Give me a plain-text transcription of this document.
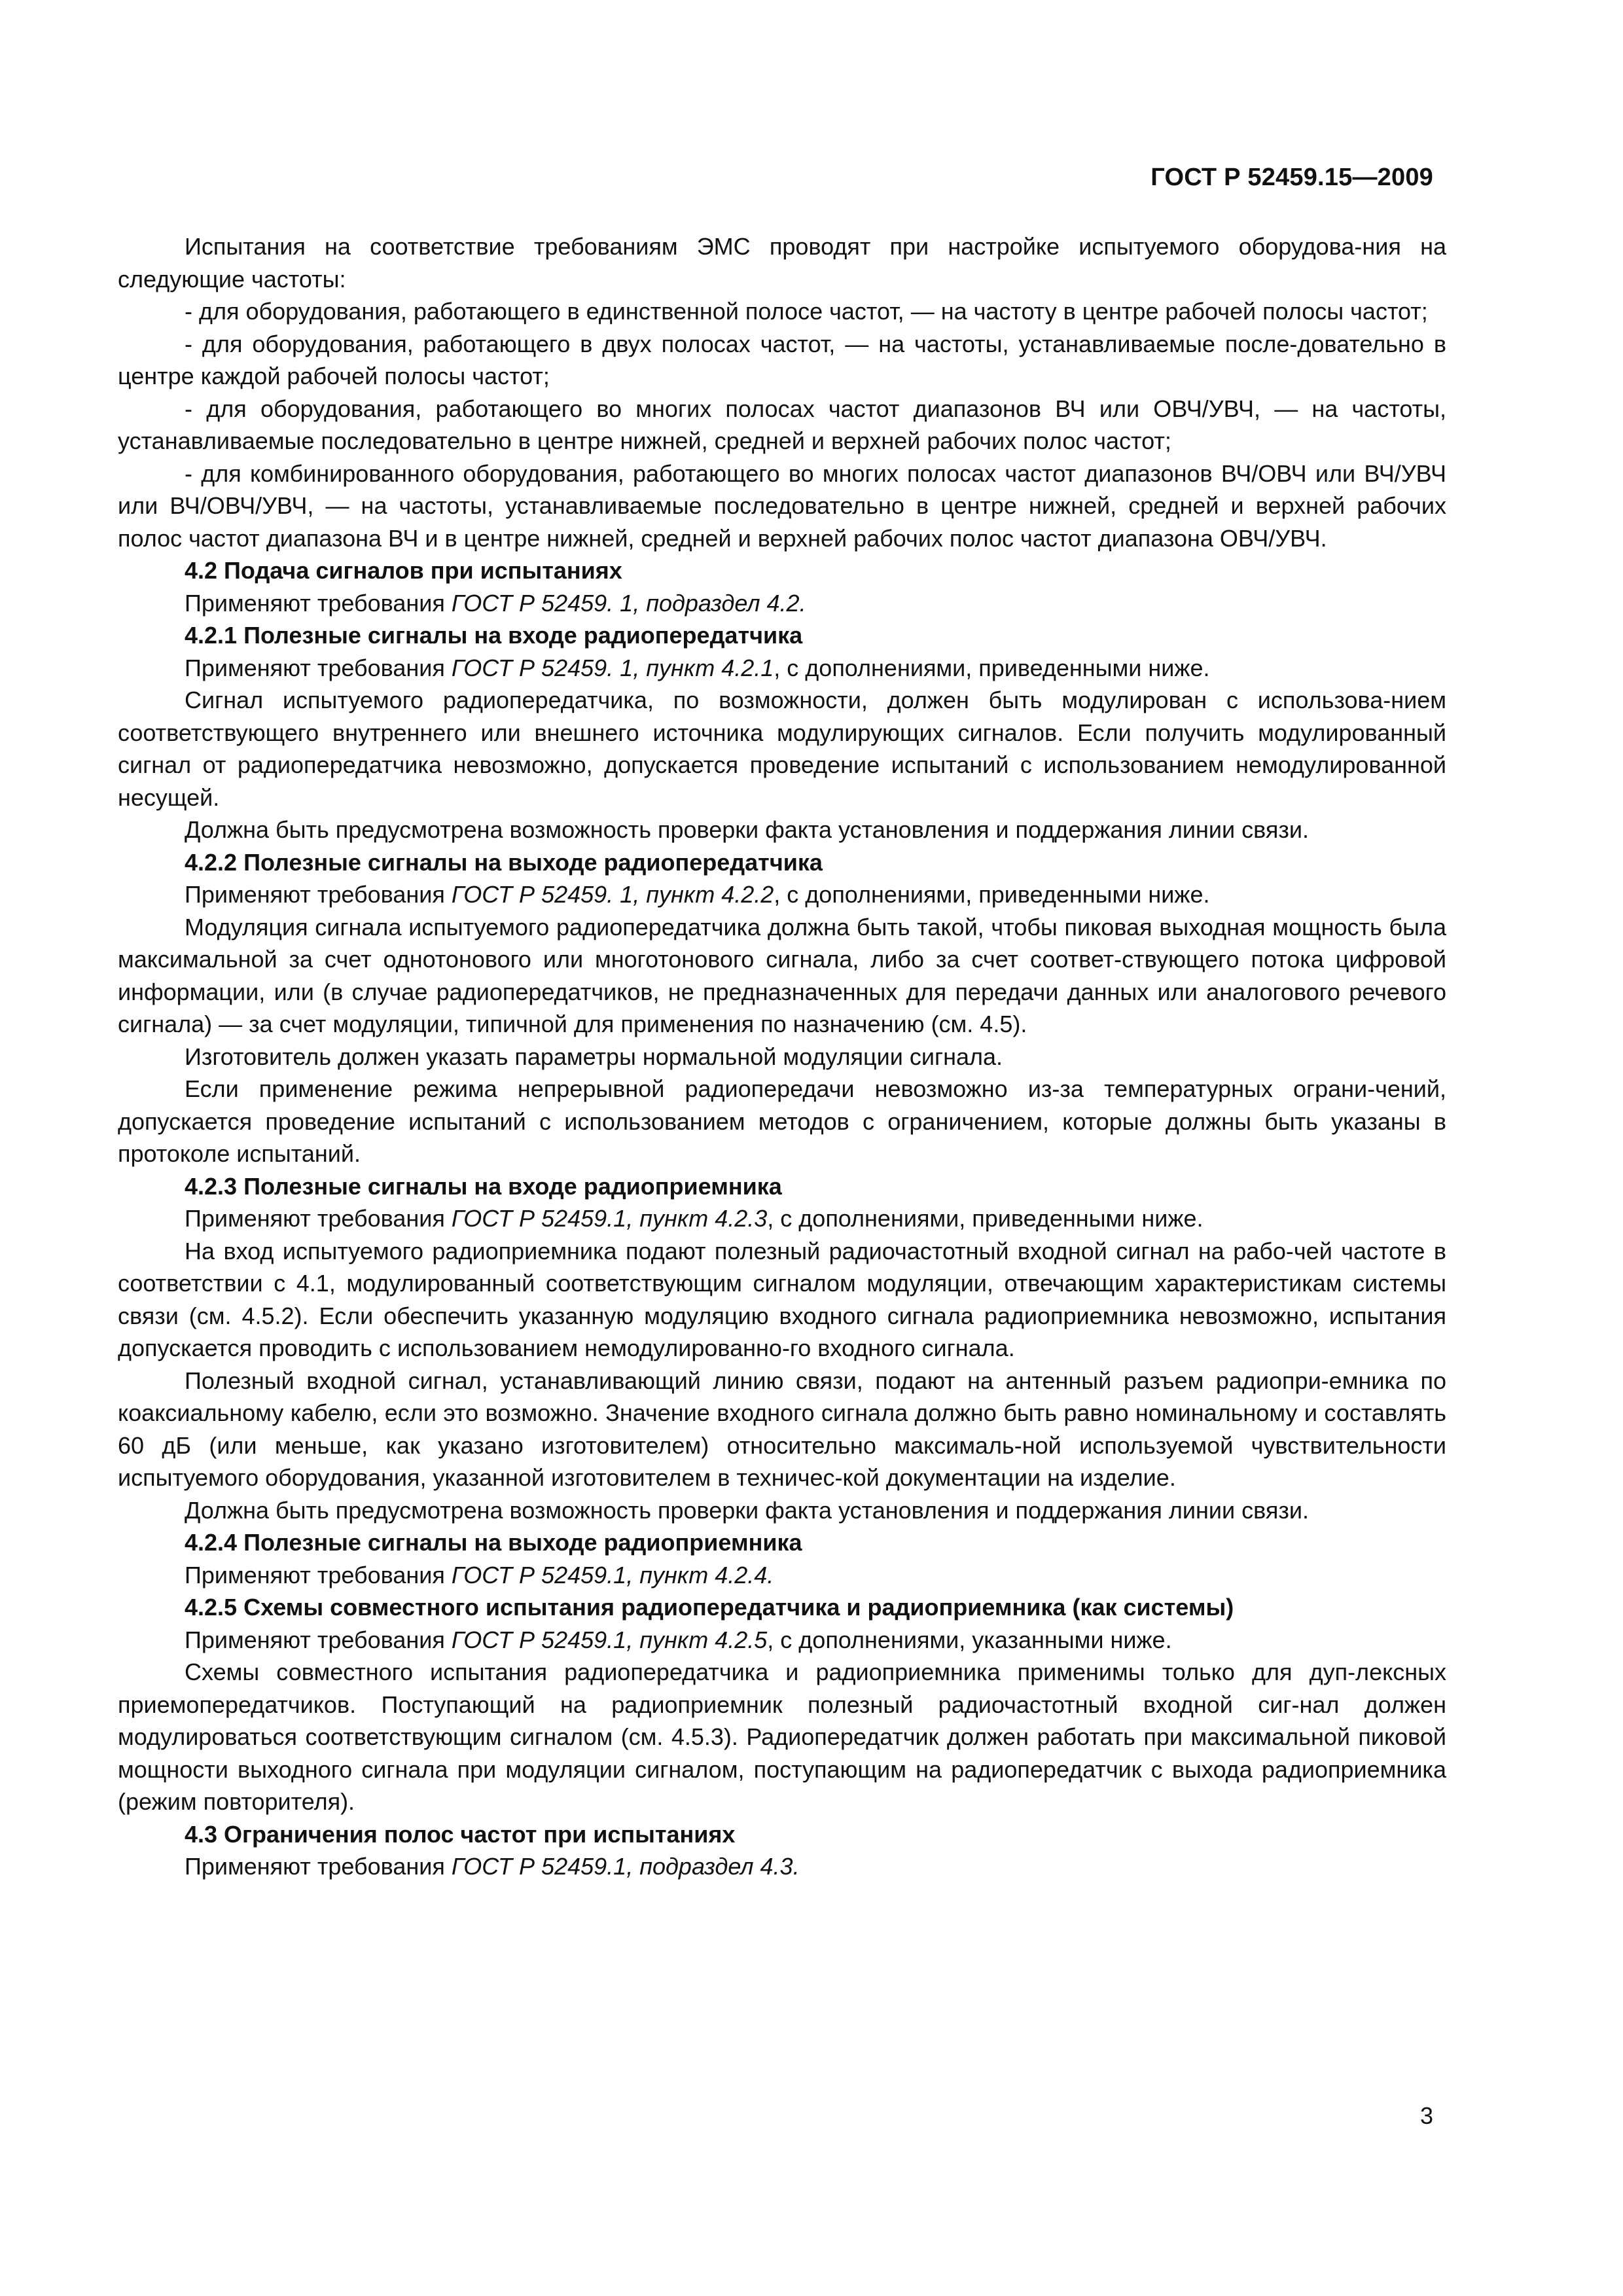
ГОСТ Р 52459.15—2009

Испытания на соответствие требованиям ЭМС проводят при настройке испытуемого оборудова-ния на следующие частоты:

- для оборудования, работающего в единственной полосе частот, — на частоту в центре рабочей полосы частот;

- для оборудования, работающего в двух полосах частот, — на частоты, устанавливаемые после-довательно в центре каждой рабочей полосы частот;

- для оборудования, работающего во многих полосах частот диапазонов ВЧ или ОВЧ/УВЧ, — на частоты, устанавливаемые последовательно в центре нижней, средней и верхней рабочих полос частот;

- для комбинированного оборудования, работающего во многих полосах частот диапазонов ВЧ/ОВЧ или ВЧ/УВЧ или ВЧ/ОВЧ/УВЧ, — на частоты, устанавливаемые последовательно в центре нижней, средней и верхней рабочих полос частот диапазона ВЧ и в центре нижней, средней и верхней рабочих полос частот диапазона ОВЧ/УВЧ.

4.2 Подача сигналов при испытаниях

Применяют требования ГОСТ Р 52459. 1, подраздел 4.2.

4.2.1 Полезные сигналы на входе радиопередатчика

Применяют требования ГОСТ Р 52459. 1, пункт 4.2.1, с дополнениями, приведенными ниже.

Сигнал испытуемого радиопередатчика, по возможности, должен быть модулирован с использова-нием соответствующего внутреннего или внешнего источника модулирующих сигналов. Если получить модулированный сигнал от радиопередатчика невозможно, допускается проведение испытаний с использованием немодулированной несущей.

Должна быть предусмотрена возможность проверки факта установления и поддержания линии связи.

4.2.2 Полезные сигналы на выходе радиопередатчика

Применяют требования ГОСТ Р 52459. 1, пункт 4.2.2, с дополнениями, приведенными ниже.

Модуляция сигнала испытуемого радиопередатчика должна быть такой, чтобы пиковая выходная мощность была максимальной за счет однотонового или многотонового сигнала, либо за счет соответ-ствующего потока цифровой информации, или (в случае радиопередатчиков, не предназначенных для передачи данных или аналогового речевого сигнала) — за счет модуляции, типичной для применения по назначению (см. 4.5).

Изготовитель должен указать параметры нормальной модуляции сигнала.

Если применение режима непрерывной радиопередачи невозможно из-за температурных ограни-чений, допускается проведение испытаний с использованием методов с ограничением, которые должны быть указаны в протоколе испытаний.

4.2.3 Полезные сигналы на входе радиоприемника

Применяют требования ГОСТ Р 52459.1, пункт 4.2.3, с дополнениями, приведенными ниже.

На вход испытуемого радиоприемника подают полезный радиочастотный входной сигнал на рабо-чей частоте в соответствии с 4.1, модулированный соответствующим сигналом модуляции, отвечающим характеристикам системы связи (см. 4.5.2). Если обеспечить указанную модуляцию входного сигнала радиоприемника невозможно, испытания допускается проводить с использованием немодулированно-го входного сигнала.

Полезный входной сигнал, устанавливающий линию связи, подают на антенный разъем радиопри-емника по коаксиальному кабелю, если это возможно. Значение входного сигнала должно быть равно номинальному и составлять 60 дБ (или меньше, как указано изготовителем) относительно максималь-ной используемой чувствительности испытуемого оборудования, указанной изготовителем в техничес-кой документации на изделие.

Должна быть предусмотрена возможность проверки факта установления и поддержания линии связи.

4.2.4 Полезные сигналы на выходе радиоприемника

Применяют требования ГОСТ Р 52459.1, пункт 4.2.4.

4.2.5 Схемы совместного испытания радиопередатчика и радиоприемника (как системы)

Применяют требования ГОСТ Р 52459.1, пункт 4.2.5, с дополнениями, указанными ниже.

Схемы совместного испытания радиопередатчика и радиоприемника применимы только для дуп-лексных приемопередатчиков. Поступающий на радиоприемник полезный радиочастотный входной сиг-нал должен модулироваться соответствующим сигналом (см. 4.5.3). Радиопередатчик должен работать при максимальной пиковой мощности выходного сигнала при модуляции сигналом, поступающим на радиопередатчик с выхода радиоприемника (режим повторителя).

4.3 Ограничения полос частот при испытаниях

Применяют требования ГОСТ Р 52459.1, подраздел 4.3.

3
